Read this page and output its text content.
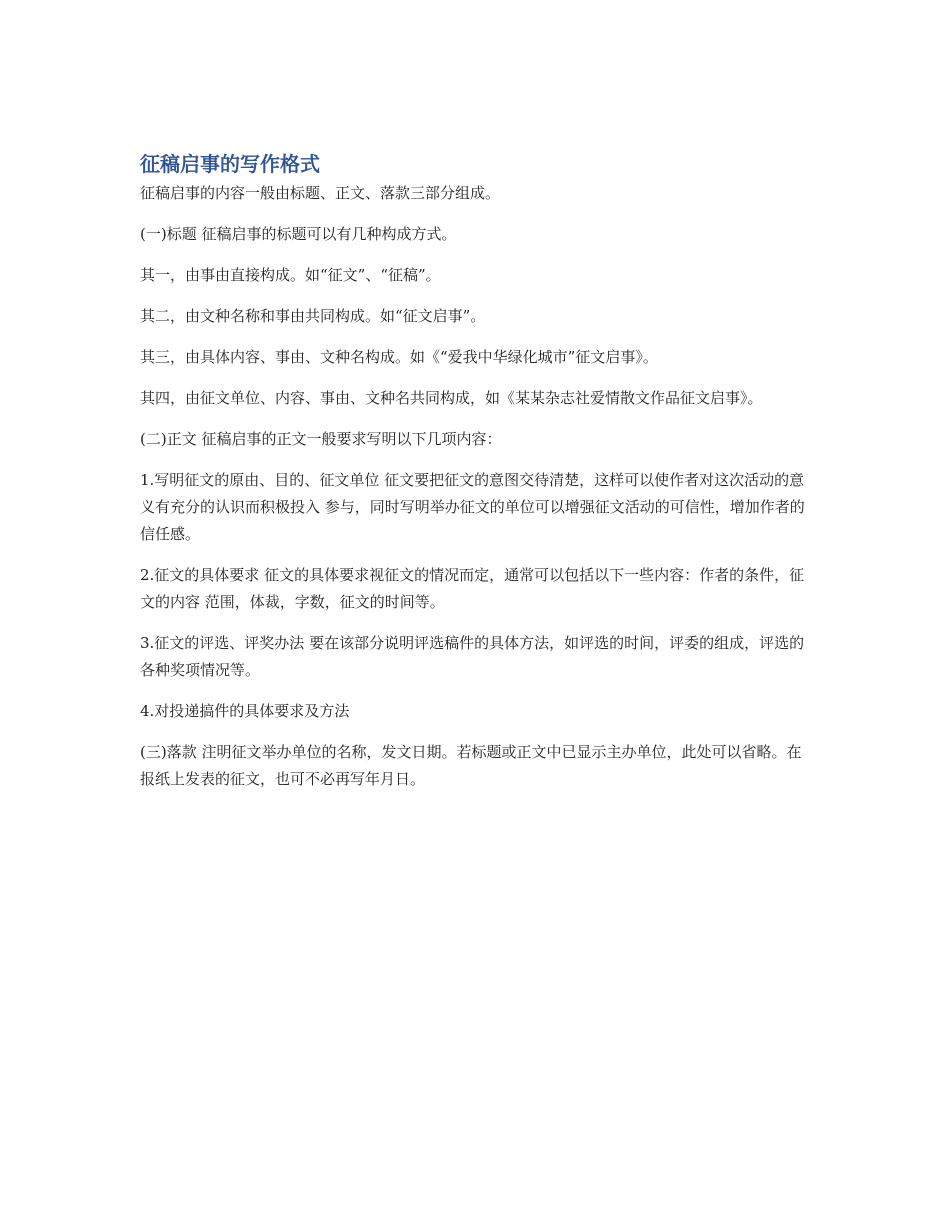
征稿启事的写作格式

征稿启事的内容一般由标题、正文、落款三部分组成。

(一)标题 征稿启事的标题可以有几种构成方式。

其一，由事由直接构成。如“征文”、“征稿”。

其二，由文种名称和事由共同构成。如“征文启事”。

其三，由具体内容、事由、文种名构成。如《“爱我中华绿化城市”征文启事》。

其四，由征文单位、内容、事由、文种名共同构成，如《某某杂志社爱情散文作品征文启事》。

(二)正文 征稿启事的正文一般要求写明以下几项内容：

1.写明征文的原由、目的、征文单位 征文要把征文的意图交待清楚，这样可以使作者对这次活动的意义有充分的认识而积极投入 参与，同时写明举办征文的单位可以增强征文活动的可信性，增加作者的信任感。

2.征文的具体要求 征文的具体要求视征文的情况而定，通常可以包括以下一些内容：作者的条件，征文的内容 范围，体裁，字数，征文的时间等。

3.征文的评选、评奖办法 要在该部分说明评选稿件的具体方法，如评选的时间，评委的组成，评选的各种奖项情况等。

4.对投递搞件的具体要求及方法

(三)落款 注明征文举办单位的名称，发文日期。若标题或正文中已显示主办单位，此处可以省略。在 报纸上发表的征文，也可不必再写年月日。
